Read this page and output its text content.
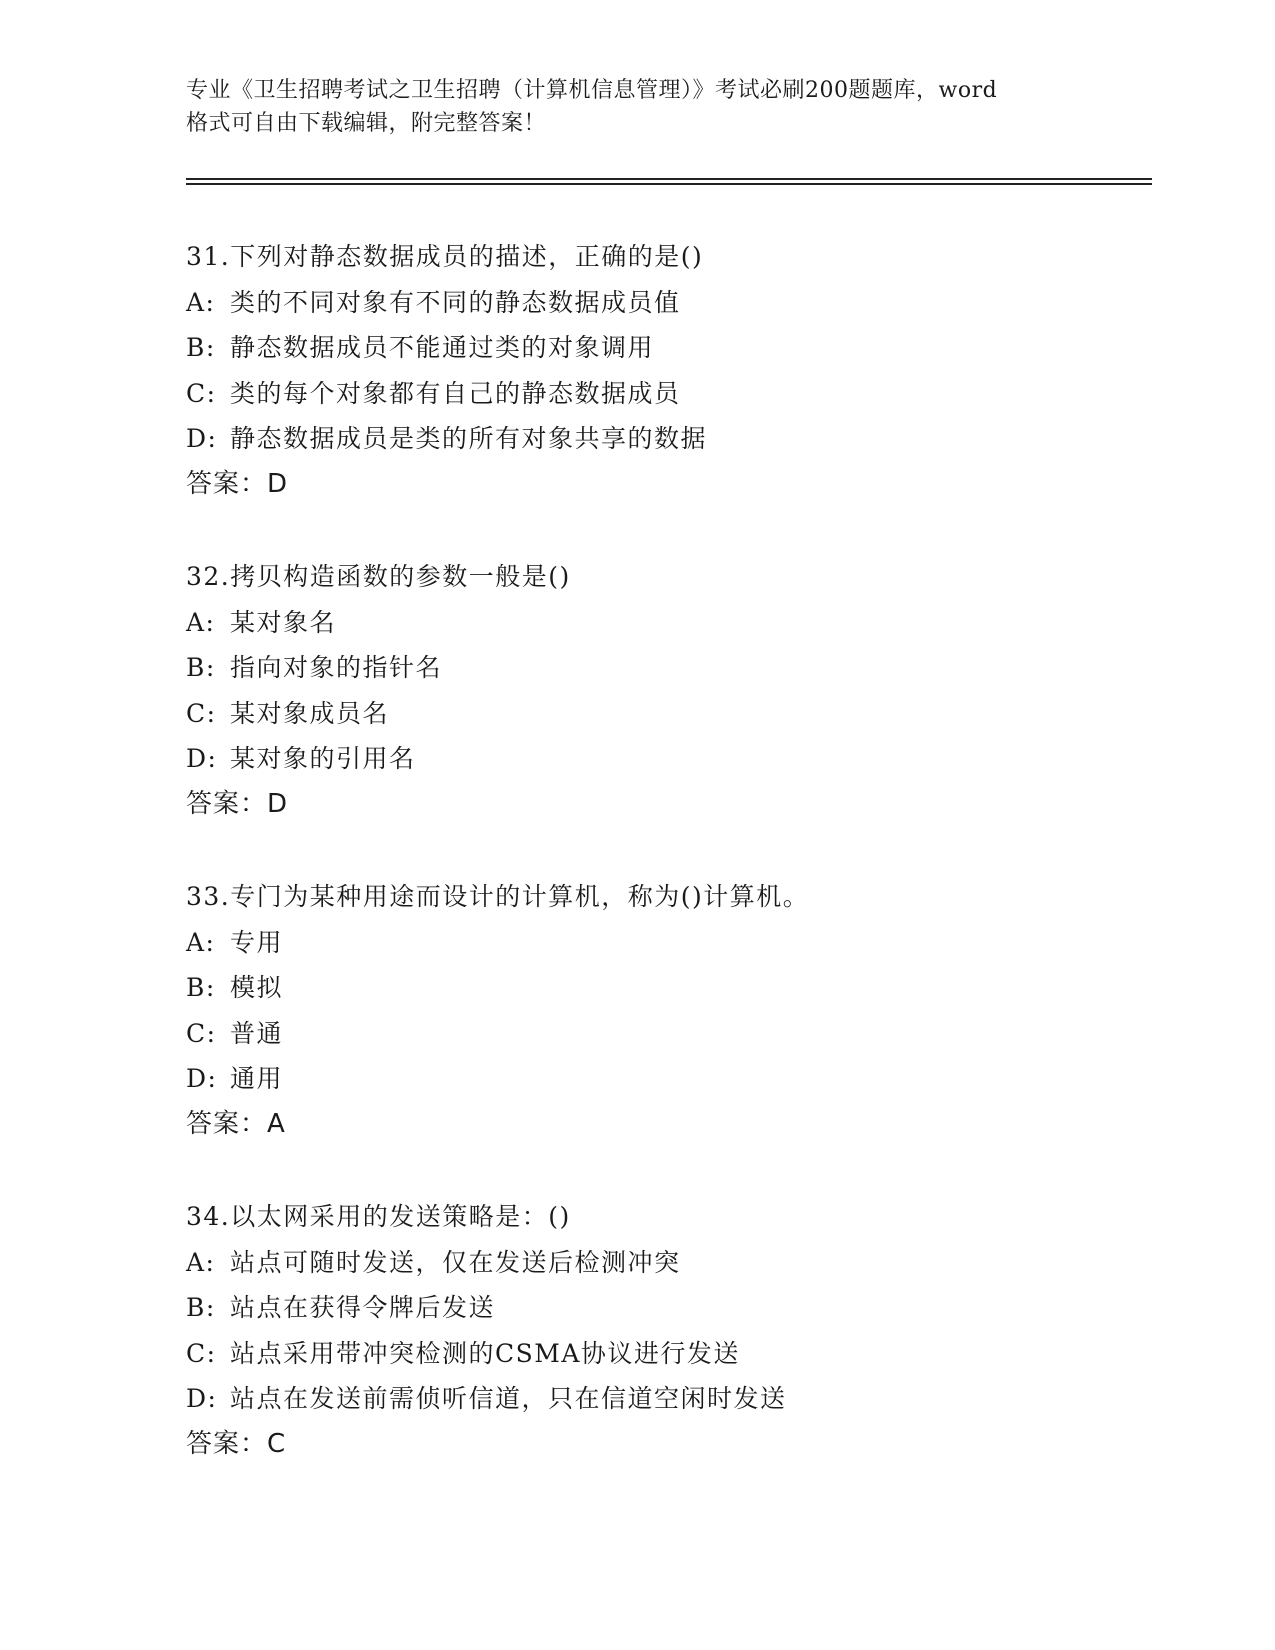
专业《卫生招聘考试之卫生招聘（计算机信息管理）》考试必刷200题题库，word

格式可自由下载编辑，附完整答案！

31.下列对静态数据成员的描述，正确的是()
A: 类的不同对象有不同的静态数据成员值
B: 静态数据成员不能通过类的对象调用
C: 类的每个对象都有自己的静态数据成员
D: 静态数据成员是类的所有对象共享的数据
答案：D
32.拷贝构造函数的参数一般是()
A: 某对象名
B: 指向对象的指针名
C: 某对象成员名
D: 某对象的引用名
答案：D
33.专门为某种用途而设计的计算机，称为()计算机。
A: 专用
B: 模拟
C: 普通
D: 通用
答案：A
34.以太网采用的发送策略是：()
A: 站点可随时发送，仅在发送后检测冲突
B: 站点在获得令牌后发送
C: 站点采用带冲突检测的CSMA协议进行发送
D: 站点在发送前需侦听信道，只在信道空闲时发送
答案：C
